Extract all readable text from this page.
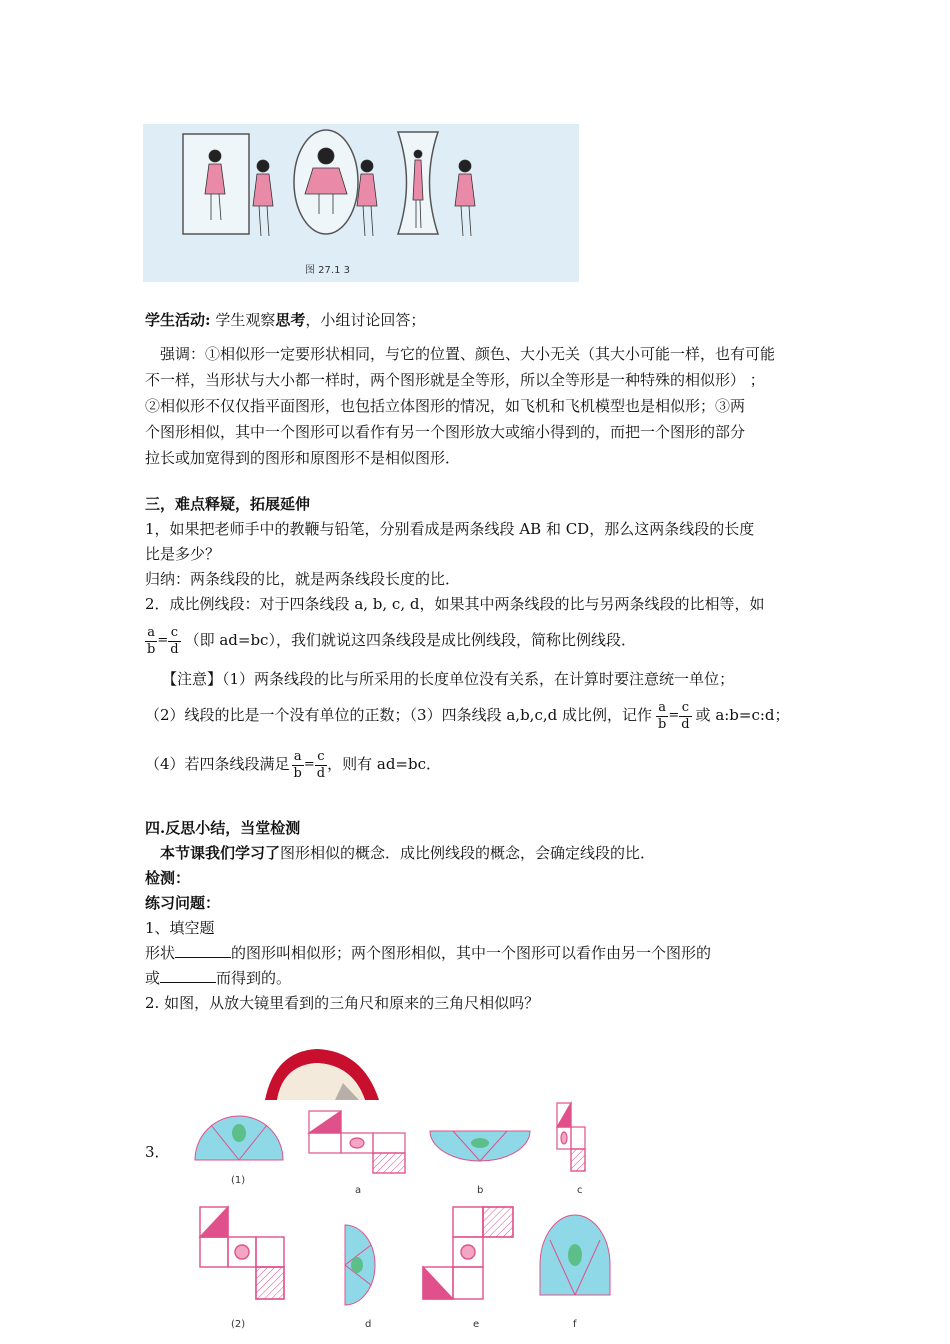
图 27.1 3
学生活动: 学生观察思考，小组讨论回答；
强调：①相似形一定要形状相同，与它的位置、颜色、大小无关（其大小可能一样，也有可能
不一样，当形状与大小都一样时，两个图形就是全等形，所以全等形是一种特殊的相似形） ；
②相似形不仅仅指平面图形，也包括立体图形的情况，如飞机和飞机模型也是相似形；③两
个图形相似，其中一个图形可以看作有另一个图形放大或缩小得到的，而把一个图形的部分
拉长或加宽得到的图形和原图形不是相似图形．
三，难点释疑，拓展延伸
1，如果把老师手中的教鞭与铅笔，分别看成是两条线段 AB 和 CD，那么这两条线段的长度
比是多少？
归纳：两条线段的比，就是两条线段长度的比．
2．成比例线段：对于四条线段 a, b, c, d，如果其中两条线段的比与另两条线段的比相等，如
$\frac{a}{b} = \frac{c}{d}$ （即 ad=bc），我们就说这四条线段是成比例线段，简称比例线段．
【注意】（1）两条线段的比与所采用的长度单位没有关系，在计算时要注意统一单位；
（2）线段的比是一个没有单位的正数；（3）四条线段 a,b,c,d 成比例，记作 $\frac{a}{b} = \frac{c}{d}$ 或 a:b=c:d；
（4）若四条线段满足 $\frac{a}{b} = \frac{c}{d}$ ，则有 ad=bc．
四.反思小结，当堂检测
本节课我们学习了图形相似的概念．成比例线段的概念，会确定线段的比．
检测：
练习问题：
1、填空题
形状	的图形叫相似形；两个图形相似，其中一个图形可以看作由另一个图形的
或	而得到的。
2. 如图，从放大镜里看到的三角尺和原来的三角尺相似吗？
3．
(1)
a	b	c
(2)	d	e	f
